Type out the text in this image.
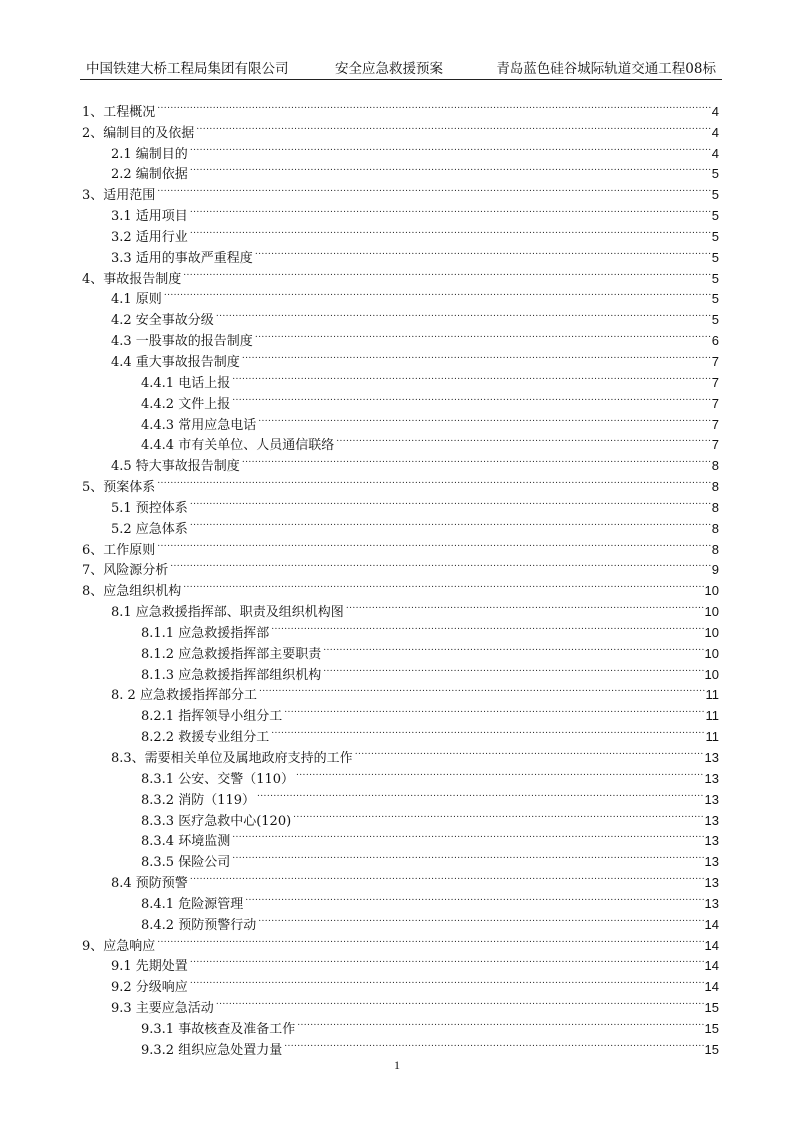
中国铁建大桥工程局集团有限公司	安全应急救援预案	青岛蓝色硅谷城际轨道交通工程08标
1、工程概况 .....	4
2、编制目的及依据 .....	4
2.1 编制目的 .....	4
2.2 编制依据 .....	5
3、适用范围 .....	5
3.1 适用项目 .....	5
3.2 适用行业 .....	5
3.3 适用的事故严重程度 .....	5
4、事故报告制度 .....	5
4.1 原则 .....	5
4.2 安全事故分级 .....	5
4.3 一股事故的报告制度 .....	6
4.4 重大事故报告制度 .....	7
4.4.1 电话上报 .....	7
4.4.2 文件上报 .....	7
4.4.3 常用应急电话 .....	7
4.4.4 市有关单位、人员通信联络 .....	7
4.5 特大事故报告制度 .....	8
5、预案体系 .....	8
5.1 预控体系 .....	8
5.2 应急体系 .....	8
6、工作原则 .....	8
7、风险源分析 .....	9
8、应急组织机构 .....	10
8.1 应急救援指挥部、职责及组织机构图 .....	10
8.1.1 应急救援指挥部 .....	10
8.1.2 应急救援指挥部主要职责 .....	10
8.1.3 应急救援指挥部组织机构 .....	10
8. 2 应急救援指挥部分工 .....	11
8.2.1 指挥领导小组分工 .....	11
8.2.2 救援专业组分工 .....	11
8.3、需要相关单位及属地政府支持的工作 .....	13
8.3.1 公安、交警（110） .....	13
8.3.2 消防（119） .....	13
8.3.3 医疗急救中心(120) .....	13
8.3.4 环境监测 .....	13
8.3.5 保险公司 .....	13
8.4 预防预警 .....	13
8.4.1 危险源管理 .....	13
8.4.2 预防预警行动 .....	14
9、应急响应 .....	14
9.1 先期处置 .....	14
9.2 分级响应 .....	14
9.3 主要应急活动 .....	15
9.3.1 事故核查及准备工作 .....	15
9.3.2 组织应急处置力量 .....	15
1
